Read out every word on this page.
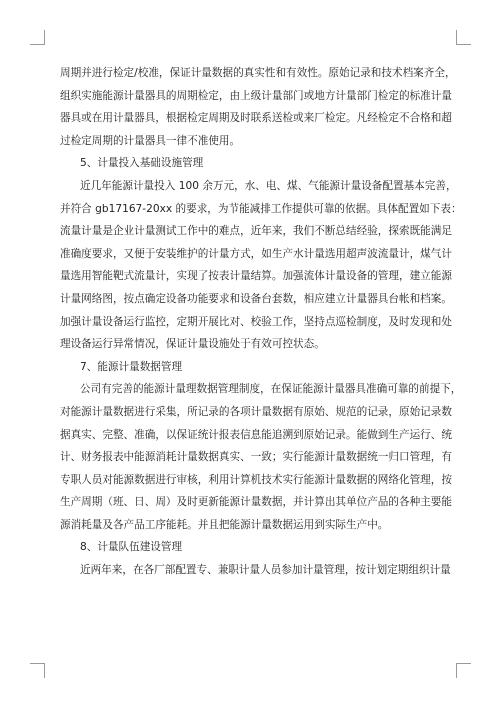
周期并进行检定/校准，保证计量数据的真实性和有效性。原始记录和技术档案齐全，
组织实施能源计量器具的周期检定，由上级计量部门或地方计量部门检定的标准计量
器具或在用计量器具，根据检定周期及时联系送检或来厂检定。凡经检定不合格和超
过检定周期的计量器具一律不准使用。

5、计量投入基础设施管理

近几年能源计量投入 100 余万元，水、电、煤、气能源计量设备配置基本完善，
并符合 gb17167-20xx 的要求，为节能减排工作提供可靠的依据。具体配置如下表：
流量计量是企业计量测试工作中的难点，近年来，我们不断总结经验，探索既能满足
准确度要求，又便于安装维护的计量方式，如生产水计量选用超声波流量计，煤气计
量选用智能靶式流量计，实现了按表计量结算。加强流体计量设备的管理，建立能源
计量网络图，按点确定设备功能要求和设备台套数，相应建立计量器具台帐和档案。
加强计量设备运行监控，定期开展比对、校验工作，坚持点巡检制度，及时发现和处
理设备运行异常情况，保证计量设施处于有效可控状态。

7、能源计量数据管理

公司有完善的能源计量理数据管理制度，在保证能源计量器具准确可靠的前提下，
对能源计量数据进行采集，所记录的各项计量数据有原始、规范的记录，原始记录数
据真实、完整、准确，以保证统计报表信息能追溯到原始记录。能做到生产运行、统
计、财务报表中能源消耗计量数据真实、一致；实行能源计量数据统一归口管理，有
专职人员对能源数据进行审核，利用计算机技术实行能源计量数据的网络化管理，按
生产周期（班、日、周）及时更新能源计量数据，并计算出其单位产品的各种主要能
源消耗量及各产品工序能耗。并且把能源计量数据运用到实际生产中。

8、计量队伍建设管理

近两年来，在各厂部配置专、兼职计量人员参加计量管理，按计划定期组织计量
